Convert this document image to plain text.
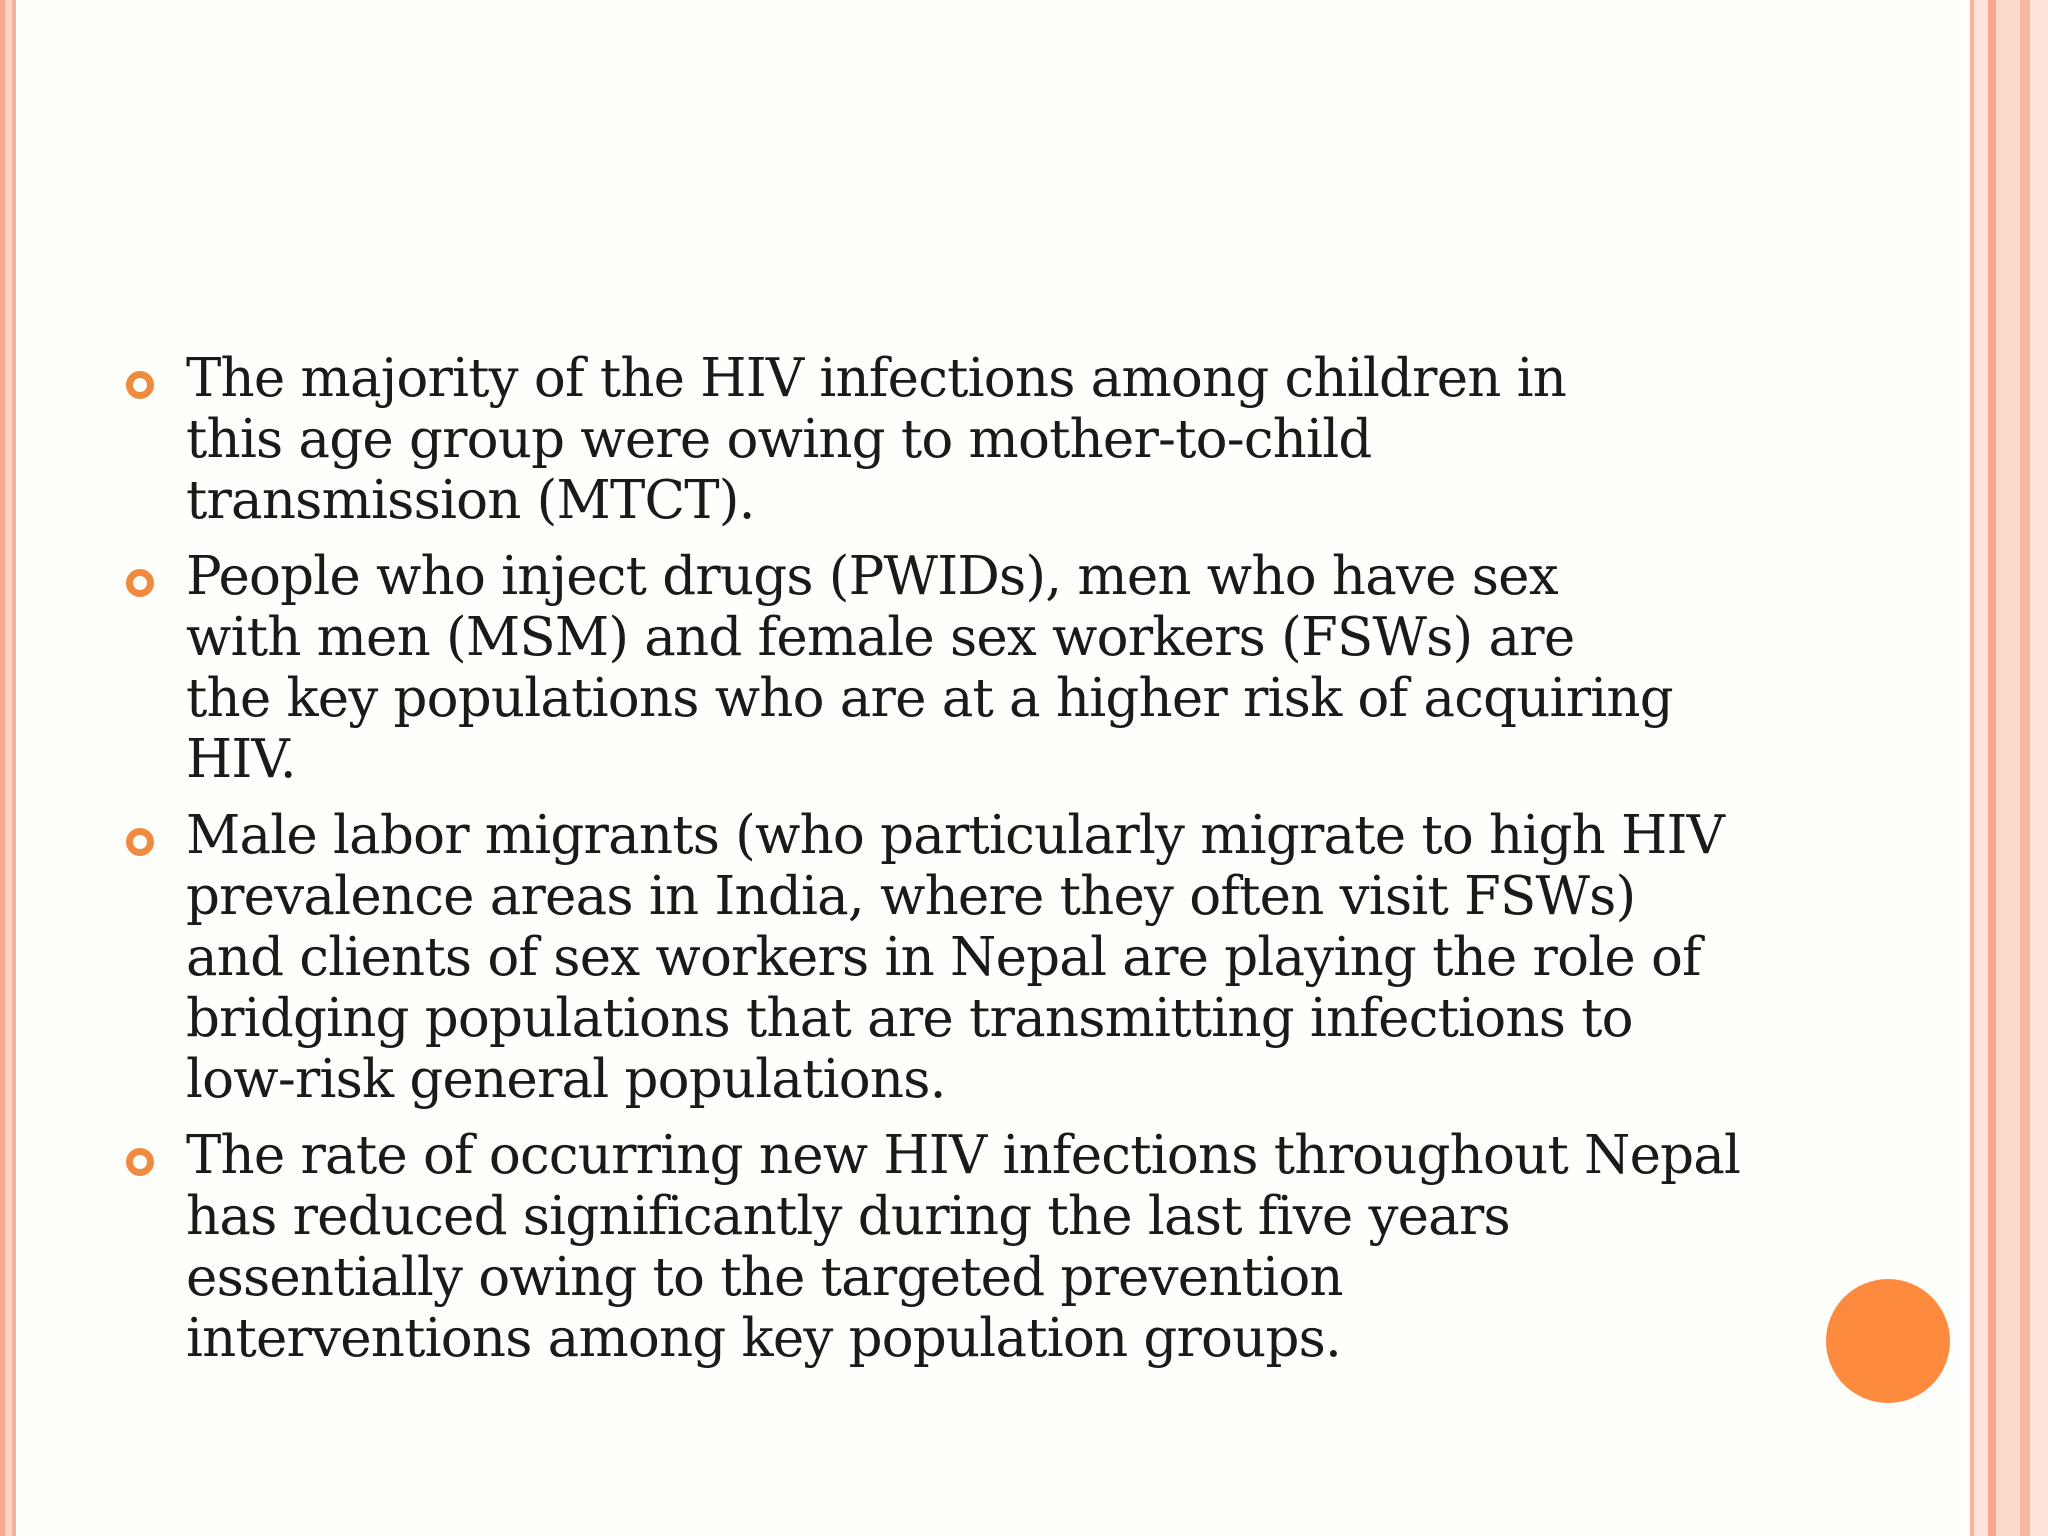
The majority of the HIV infections among children in
this age group were owing to mother-to-child
transmission (MTCT).
People who inject drugs (PWIDs), men who have sex
with men (MSM) and female sex workers (FSWs) are
the key populations who are at a higher risk of acquiring
HIV.
Male labor migrants (who particularly migrate to high HIV
prevalence areas in India, where they often visit FSWs)
and clients of sex workers in Nepal are playing the role of
bridging populations that are transmitting infections to
low-risk general populations.
The rate of occurring new HIV infections throughout Nepal
has reduced significantly during the last five years
essentially owing to the targeted prevention
interventions among key population groups.
